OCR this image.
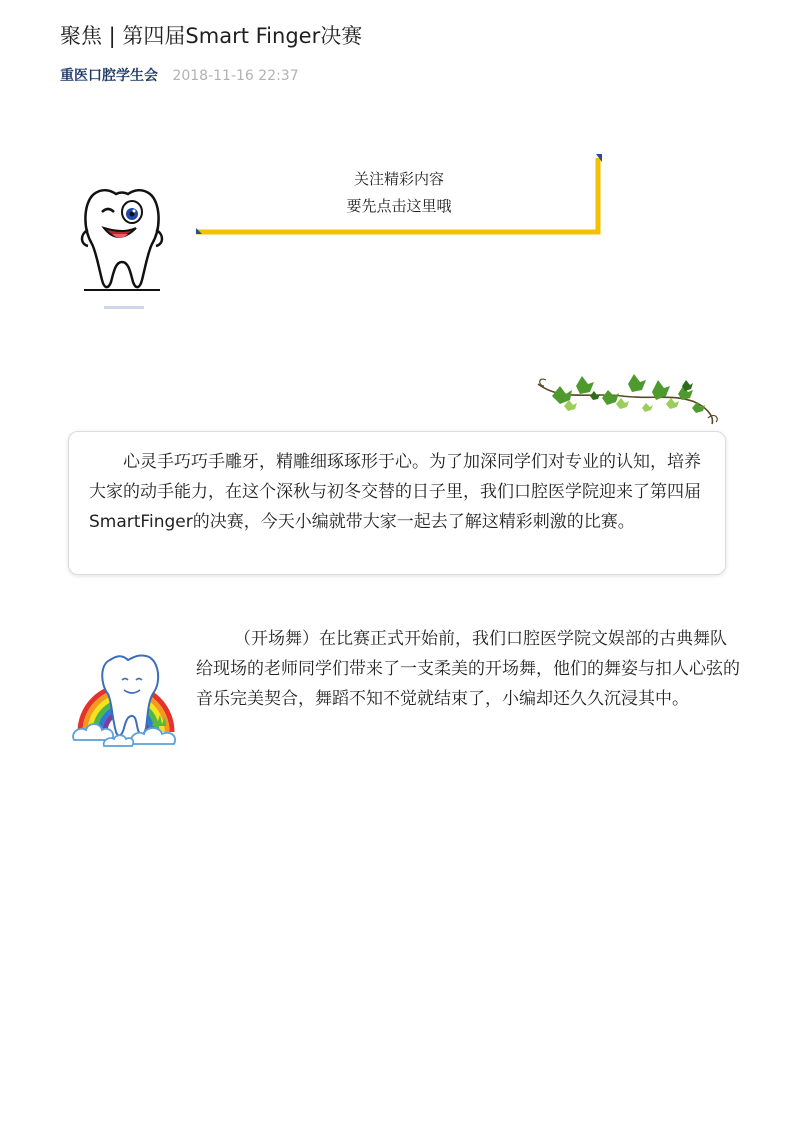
聚焦 | 第四届Smart Finger决赛
重医口腔学生会 2018-11-16 22:37
关注精彩内容
要先点击这里哦

心灵手巧巧手雕牙，精雕细琢琢形于心。为了加深同学们对专业的认知，培养大家的动手能力，在这个深秋与初冬交替的日子里，我们口腔医学院迎来了第四届SmartFinger的决赛，今天小编就带大家一起去了解这精彩刺激的比赛。

（开场舞）在比赛正式开始前，我们口腔医学院文娱部的古典舞队给现场的老师同学们带来了一支柔美的开场舞，他们的舞姿与扣人心弦的音乐完美契合，舞蹈不知不觉就结束了，小编却还久久沉浸其中。
